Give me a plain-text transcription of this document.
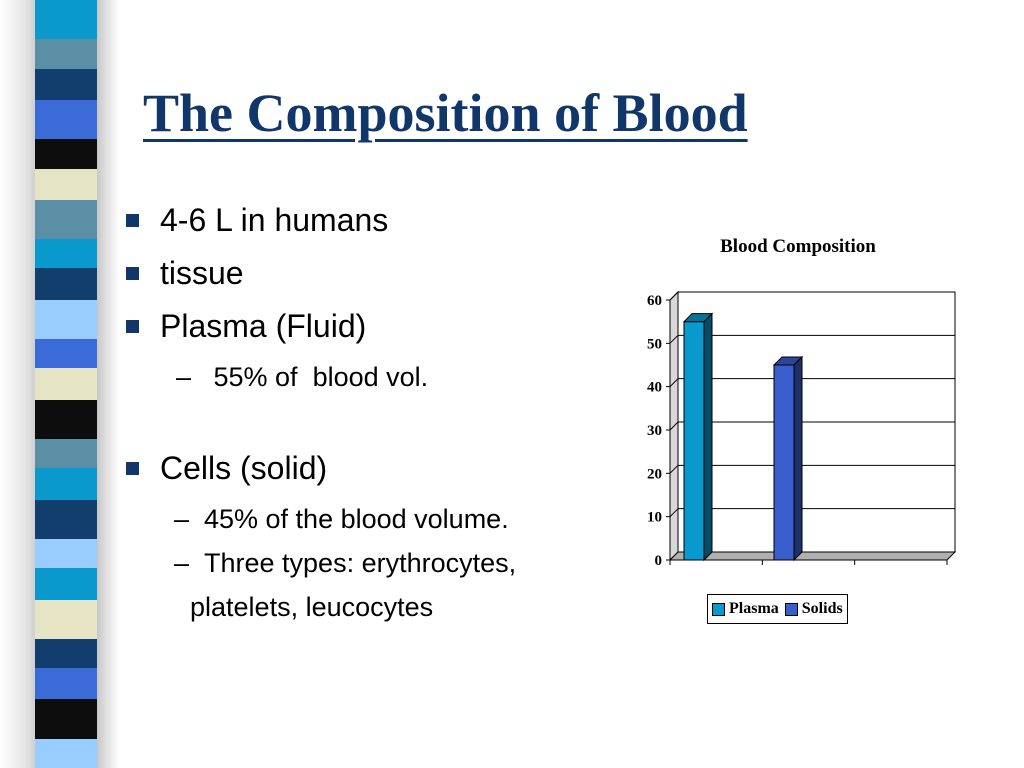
The Composition of Blood
4-6 L in humans
tissue
Plasma (Fluid)
– 55% of  blood vol.
Cells (solid)
– 45% of the blood volume.
– Three types: erythrocytes,
platelets, leucocytes
Blood Composition
0
10
20
30
40
50
60
Plasma Solids
